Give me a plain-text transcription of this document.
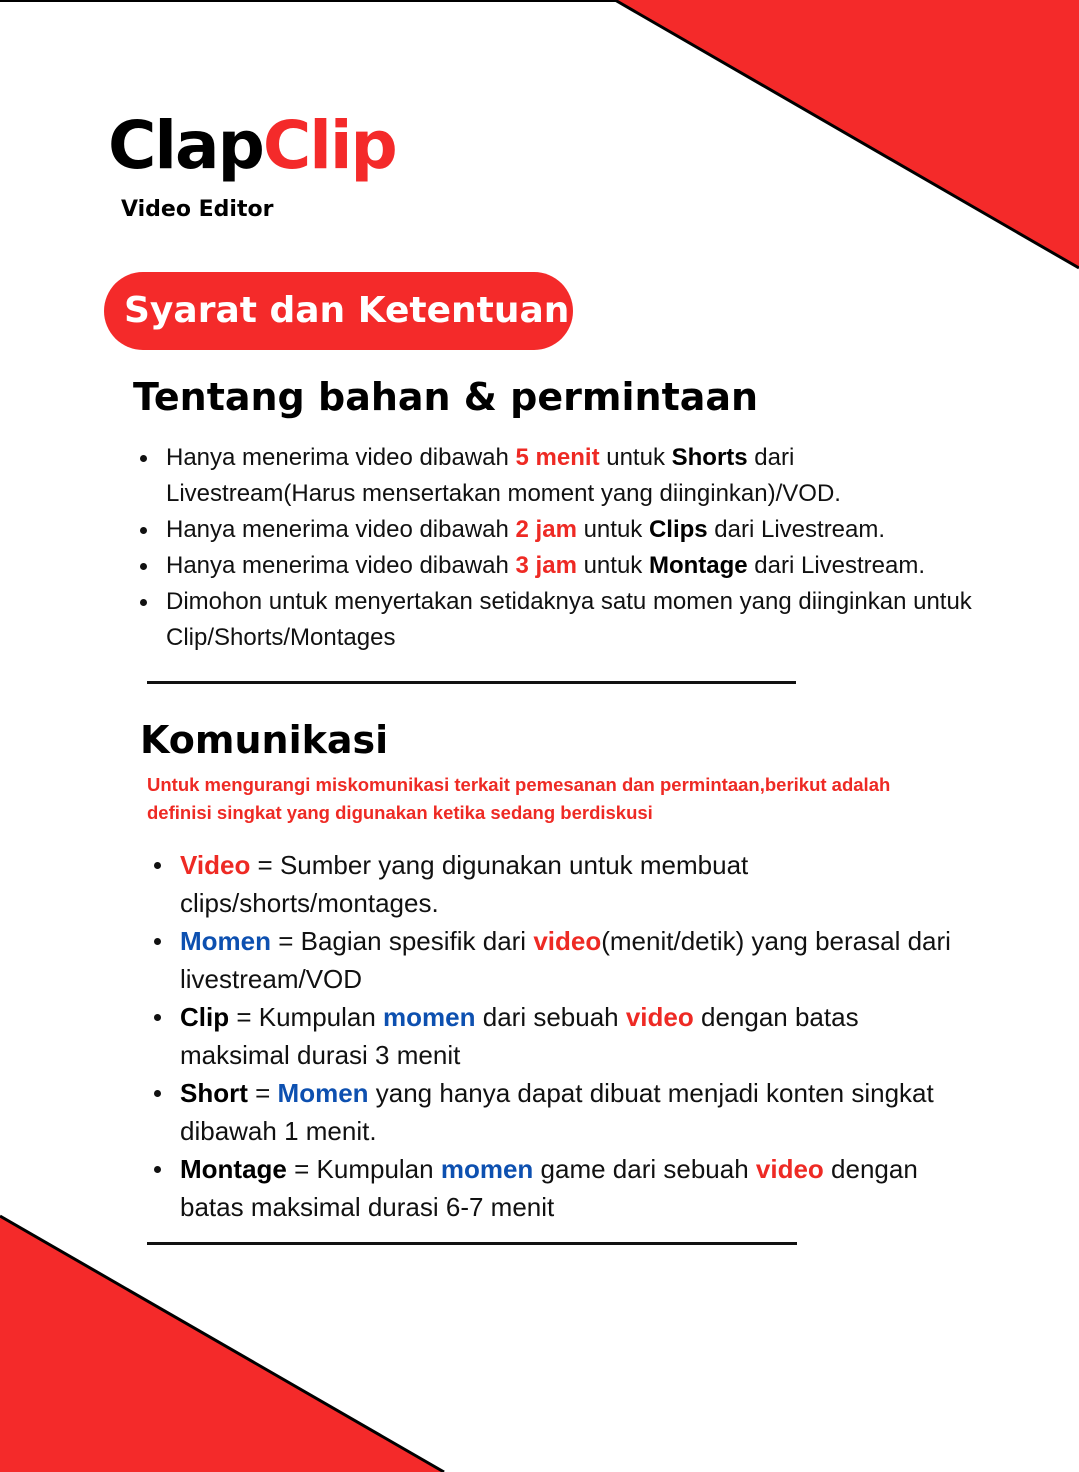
ClapClip
Video Editor
Syarat dan Ketentuan
Tentang bahan & permintaan
Hanya menerima video dibawah 5 menit untuk Shorts dari Livestream(Harus mensertakan moment yang diinginkan)/VOD.
Hanya menerima video dibawah 2 jam untuk Clips dari Livestream.
Hanya menerima video dibawah 3 jam untuk Montage dari Livestream.
Dimohon untuk menyertakan setidaknya satu momen yang diinginkan untuk Clip/Shorts/Montages
Komunikasi
Untuk mengurangi miskomunikasi terkait pemesanan dan permintaan,berikut adalah definisi singkat yang digunakan ketika sedang berdiskusi
Video = Sumber yang digunakan untuk membuat clips/shorts/montages.
Momen = Bagian spesifik dari video(menit/detik) yang berasal dari livestream/VOD
Clip = Kumpulan momen dari sebuah video dengan batas maksimal durasi 3 menit
Short = Momen yang hanya dapat dibuat menjadi konten singkat dibawah 1 menit.
Montage = Kumpulan momen game dari sebuah video dengan batas maksimal durasi 6-7 menit
